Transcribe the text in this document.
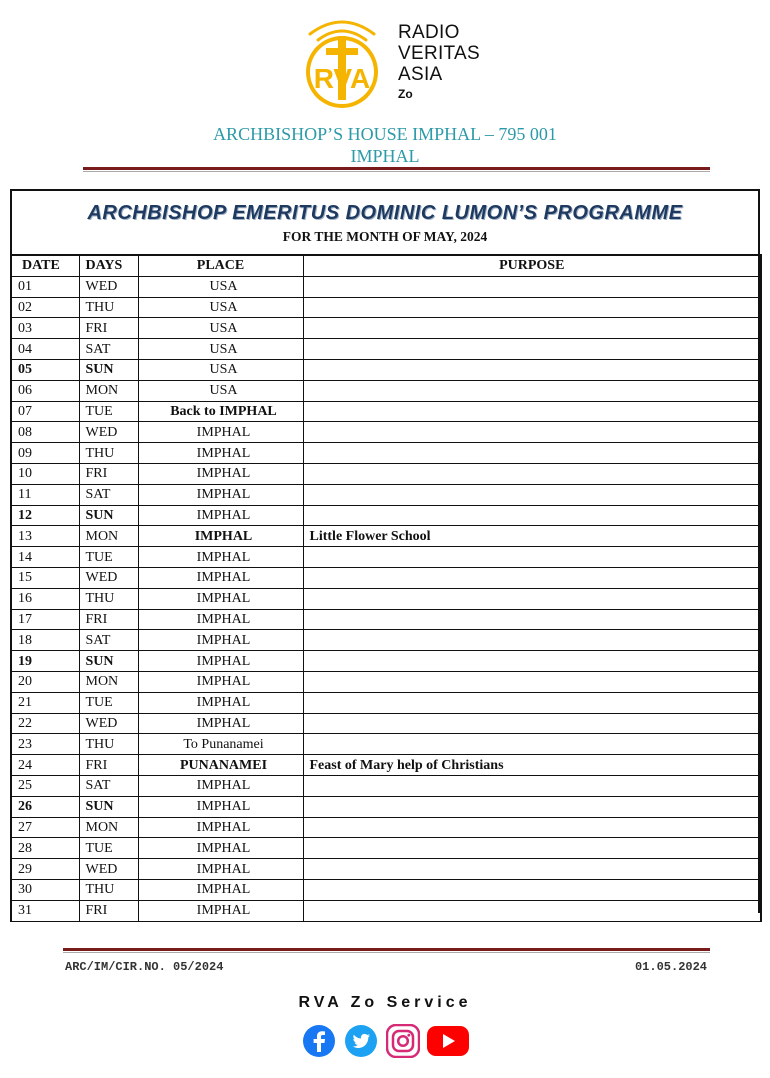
RVA
RADIO
VERITAS
ASIA
Zo
ARCHBISHOP’S HOUSE IMPHAL – 795 001
IMPHAL
ARCHBISHOP EMERITUS DOMINIC LUMON’S PROGRAMME
FOR THE MONTH OF MAY, 2024
DATE	DAYS	PLACE	PURPOSE
01	WED	USA	
02	THU	USA	
03	FRI	USA	
04	SAT	USA	
05	SUN	USA	
06	MON	USA	
07	TUE	Back to IMPHAL	
08	WED	IMPHAL	
09	THU	IMPHAL	
10	FRI	IMPHAL	
11	SAT	IMPHAL	
12	SUN	IMPHAL	
13	MON	IMPHAL	Little Flower School
14	TUE	IMPHAL	
15	WED	IMPHAL	
16	THU	IMPHAL	
17	FRI	IMPHAL	
18	SAT	IMPHAL	
19	SUN	IMPHAL	
20	MON	IMPHAL	
21	TUE	IMPHAL	
22	WED	IMPHAL	
23	THU	To Punanamei	
24	FRI	PUNANAMEI	Feast of Mary help of Christians
25	SAT	IMPHAL	
26	SUN	IMPHAL	
27	MON	IMPHAL	
28	TUE	IMPHAL	
29	WED	IMPHAL	
30	THU	IMPHAL	
31	FRI	IMPHAL	
ARC/IM/CIR.NO. 05/2024	01.05.2024
RVA Zo Service
